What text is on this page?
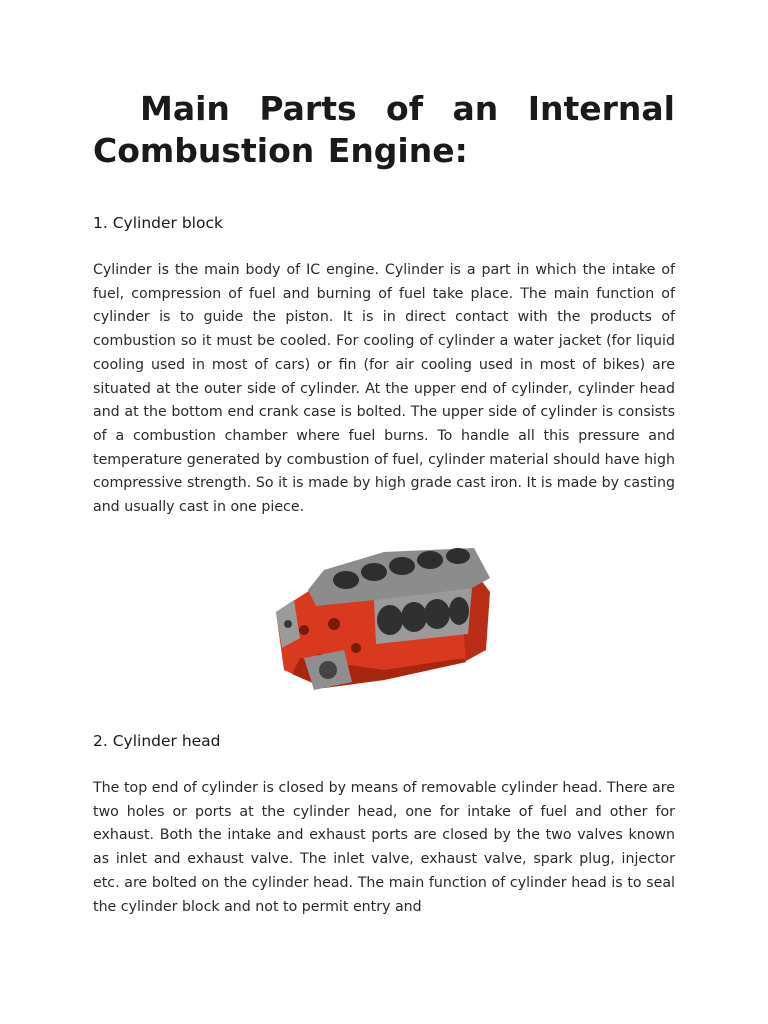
Main Parts of an Internal Combustion Engine:
1. Cylinder block

Cylinder is the main body of IC engine. Cylinder is a part in which the intake of fuel, compression of fuel and burning of fuel take place. The main function of cylinder is to guide the piston. It is in direct contact with the products of combustion so it must be cooled. For cooling of cylinder a water jacket (for liquid cooling used in most of cars) or fin (for air cooling used in most of bikes) are situated at the outer side of cylinder. At the upper end of cylinder, cylinder head and at the bottom end crank case is bolted. The upper side of cylinder is consists of a combustion chamber where fuel burns. To handle all this pressure and temperature generated by combustion of fuel, cylinder material should have high compressive strength. So it is made by high grade cast iron. It is made by casting and usually cast in one piece.

2. Cylinder head

The top end of cylinder is closed by means of removable cylinder head. There are two holes or ports at the cylinder head, one for intake of fuel and other for exhaust. Both the intake and exhaust ports are closed by the two valves known as inlet and exhaust valve. The inlet valve, exhaust valve, spark plug, injector etc. are bolted on the cylinder head. The main function of cylinder head is to seal the cylinder block and not to permit entry and
